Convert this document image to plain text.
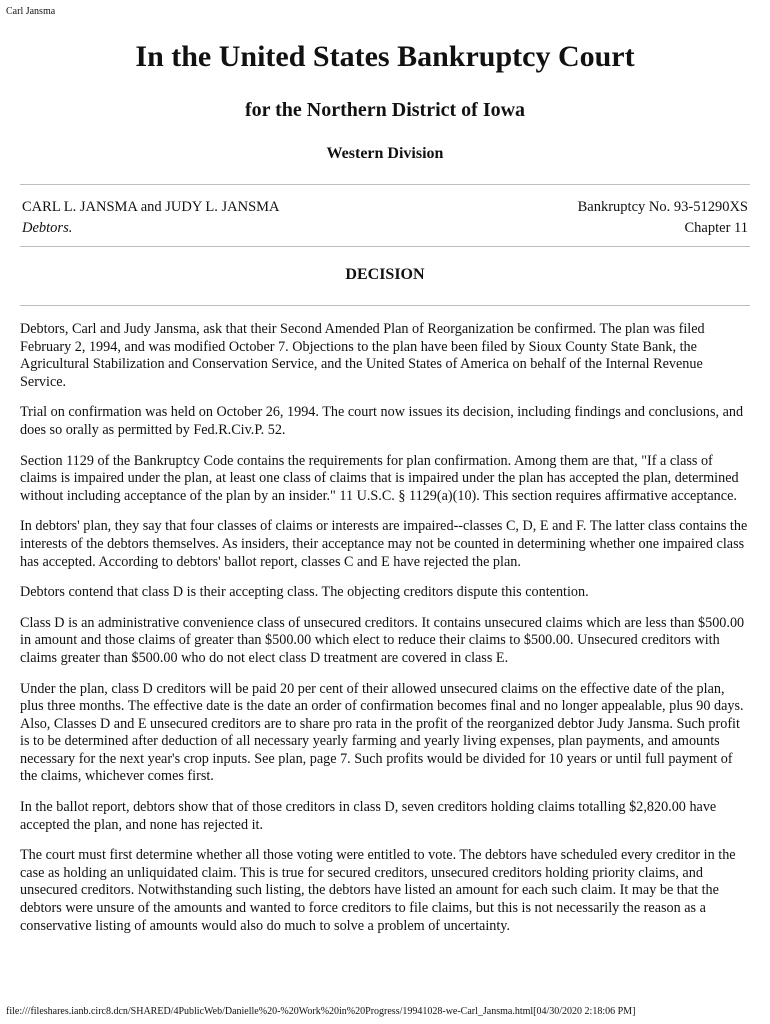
Carl Jansma
In the United States Bankruptcy Court
for the Northern District of Iowa
Western Division
CARL L. JANSMA and JUDY L. JANSMA
Debtors.
Bankruptcy No. 93-51290XS
Chapter 11
DECISION

Debtors, Carl and Judy Jansma, ask that their Second Amended Plan of Reorganization be confirmed. The plan was filed February 2, 1994, and was modified October 7. Objections to the plan have been filed by Sioux County State Bank, the Agricultural Stabilization and Conservation Service, and the United States of America on behalf of the Internal Revenue Service.

Trial on confirmation was held on October 26, 1994. The court now issues its decision, including findings and conclusions, and does so orally as permitted by Fed.R.Civ.P. 52.

Section 1129 of the Bankruptcy Code contains the requirements for plan confirmation. Among them are that, "If a class of claims is impaired under the plan, at least one class of claims that is impaired under the plan has accepted the plan, determined without including acceptance of the plan by an insider." 11 U.S.C. § 1129(a)(10). This section requires affirmative acceptance.

In debtors' plan, they say that four classes of claims or interests are impaired--classes C, D, E and F. The latter class contains the interests of the debtors themselves. As insiders, their acceptance may not be counted in determining whether one impaired class has accepted. According to debtors' ballot report, classes C and E have rejected the plan.

Debtors contend that class D is their accepting class. The objecting creditors dispute this contention.

Class D is an administrative convenience class of unsecured creditors. It contains unsecured claims which are less than $500.00 in amount and those claims of greater than $500.00 which elect to reduce their claims to $500.00. Unsecured creditors with claims greater than $500.00 who do not elect class D treatment are covered in class E.

Under the plan, class D creditors will be paid 20 per cent of their allowed unsecured claims on the effective date of the plan, plus three months. The effective date is the date an order of confirmation becomes final and no longer appealable, plus 90 days. Also, Classes D and E unsecured creditors are to share pro rata in the profit of the reorganized debtor Judy Jansma. Such profit is to be determined after deduction of all necessary yearly farming and yearly living expenses, plan payments, and amounts necessary for the next year's crop inputs. See plan, page 7. Such profits would be divided for 10 years or until full payment of the claims, whichever comes first.

In the ballot report, debtors show that of those creditors in class D, seven creditors holding claims totalling $2,820.00 have accepted the plan, and none has rejected it.

The court must first determine whether all those voting were entitled to vote. The debtors have scheduled every creditor in the case as holding an unliquidated claim. This is true for secured creditors, unsecured creditors holding priority claims, and unsecured creditors. Notwithstanding such listing, the debtors have listed an amount for each such claim. It may be that the debtors were unsure of the amounts and wanted to force creditors to file claims, but this is not necessarily the reason as a conservative listing of amounts would also do much to solve a problem of uncertainty.

file:///fileshares.ianb.circ8.dcn/SHARED/4PublicWeb/Danielle%20-%20Work%20in%20Progress/19941028-we-Carl_Jansma.html[04/30/2020 2:18:06 PM]
